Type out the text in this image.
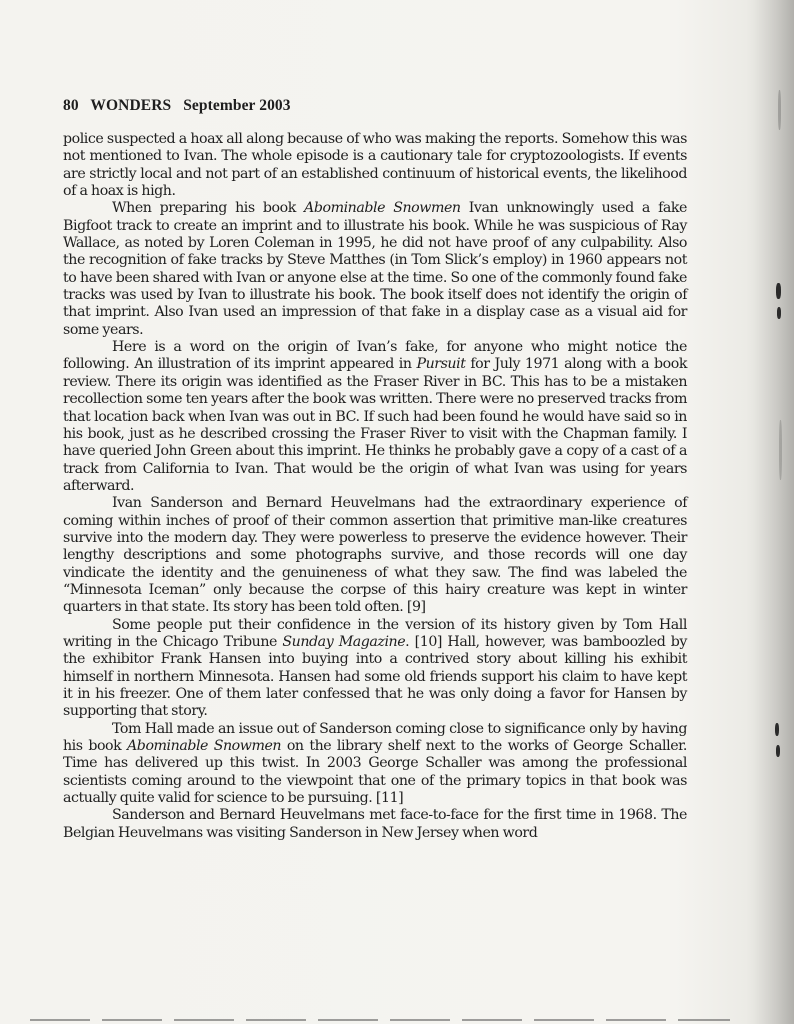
80 WONDERS September 2003

police suspected a hoax all along because of who was making the reports. Somehow this was not mentioned to Ivan. The whole episode is a cautionary tale for cryptozoologists. If events are strictly local and not part of an established continuum of historical events, the likelihood of a hoax is high.

When preparing his book Abominable Snowmen Ivan unknowingly used a fake Bigfoot track to create an imprint and to illustrate his book. While he was suspicious of Ray Wallace, as noted by Loren Coleman in 1995, he did not have proof of any culpability. Also the recognition of fake tracks by Steve Matthes (in Tom Slick’s employ) in 1960 appears not to have been shared with Ivan or anyone else at the time. So one of the commonly found fake tracks was used by Ivan to illustrate his book. The book itself does not identify the origin of that imprint. Also Ivan used an impression of that fake in a display case as a visual aid for some years.

Here is a word on the origin of Ivan’s fake, for anyone who might notice the following. An illustration of its imprint appeared in Pursuit for July 1971 along with a book review. There its origin was identified as the Fraser River in BC. This has to be a mistaken recollection some ten years after the book was written. There were no preserved tracks from that location back when Ivan was out in BC. If such had been found he would have said so in his book, just as he described crossing the Fraser River to visit with the Chapman family. I have queried John Green about this imprint. He thinks he probably gave a copy of a cast of a track from California to Ivan. That would be the origin of what Ivan was using for years afterward.

Ivan Sanderson and Bernard Heuvelmans had the extraordinary experience of coming within inches of proof of their common assertion that primitive man-like creatures survive into the modern day. They were powerless to preserve the evidence however. Their lengthy descriptions and some photographs survive, and those records will one day vindicate the identity and the genuineness of what they saw. The find was labeled the “Minnesota Iceman” only because the corpse of this hairy creature was kept in winter quarters in that state. Its story has been told often. [9]

Some people put their confidence in the version of its history given by Tom Hall writing in the Chicago Tribune Sunday Magazine. [10] Hall, however, was bamboozled by the exhibitor Frank Hansen into buying into a contrived story about killing his exhibit himself in northern Minnesota. Hansen had some old friends support his claim to have kept it in his freezer. One of them later confessed that he was only doing a favor for Hansen by supporting that story.

Tom Hall made an issue out of Sanderson coming close to significance only by having his book Abominable Snowmen on the library shelf next to the works of George Schaller. Time has delivered up this twist. In 2003 George Schaller was among the professional scientists coming around to the viewpoint that one of the primary topics in that book was actually quite valid for science to be pursuing. [11]

Sanderson and Bernard Heuvelmans met face-to-face for the first time in 1968. The Belgian Heuvelmans was visiting Sanderson in New Jersey when word
